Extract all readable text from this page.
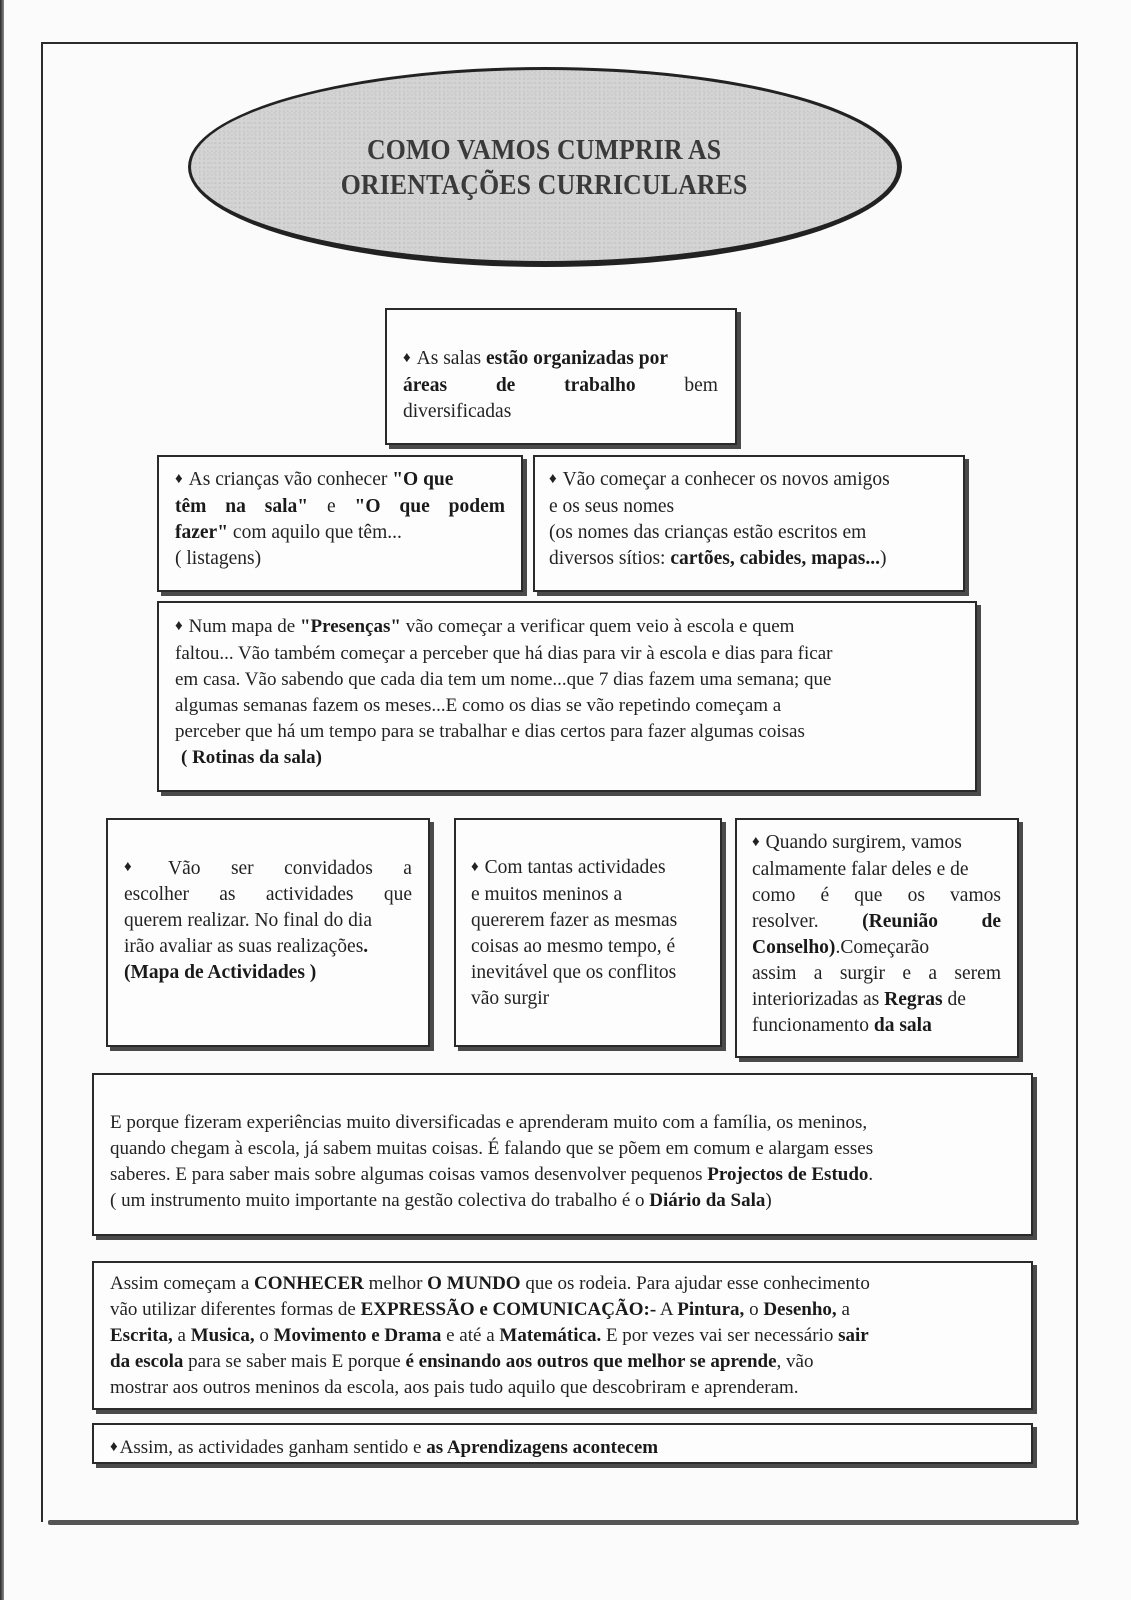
COMO VAMOS CUMPRIR AS
ORIENTAÇÕES CURRICULARES
♦ As salas estão organizadas por
áreas	de	trabalho	bem
diversificadas
♦ As crianças vão conhecer "O que
têm na sala" e "O que podem
fazer" com aquilo que têm...
( listagens)
♦ Vão começar a conhecer os novos amigos
e os seus nomes
(os nomes das crianças estão escritos em
diversos sítios: cartões, cabides, mapas...)
♦ Num mapa de "Presenças" vão começar a verificar quem veio à escola e quem
faltou... Vão também começar a perceber que há dias para vir à escola e dias para ficar
em casa. Vão sabendo que cada dia tem um nome...que 7 dias fazem uma semana; que
algumas semanas fazem os meses...E como os dias se vão repetindo começam a
perceber que há um tempo para se trabalhar e dias certos para fazer algumas coisas
( Rotinas da sala)
♦ Vão ser convidados a
escolher as actividades que
querem realizar. No final do dia
irão avaliar as suas realizações.
(Mapa de Actividades )
♦ Com tantas actividades
e muitos meninos a
quererem fazer as mesmas
coisas ao mesmo tempo, é
inevitável que os conflitos
vão surgir
♦ Quando surgirem, vamos
calmamente falar deles e de
como é que os vamos
resolver. (Reunião de
Conselho).Começarão
assim a surgir e a serem
interiorizadas as Regras de
funcionamento da sala
E porque fizeram experiências muito diversificadas e aprenderam muito com a família, os meninos,
quando chegam à escola, já sabem muitas coisas. É falando que se põem em comum e alargam esses
saberes. E para saber mais sobre algumas coisas vamos desenvolver pequenos Projectos de Estudo.
( um instrumento muito importante na gestão colectiva do trabalho é o Diário da Sala)
Assim começam a CONHECER melhor O MUNDO que os rodeia. Para ajudar esse conhecimento
vão utilizar diferentes formas de EXPRESSÃO e COMUNICAÇÃO:- A Pintura, o Desenho, a
Escrita, a Musica, o Movimento e Drama e até a Matemática. E por vezes vai ser necessário sair
da escola para se saber mais E porque é ensinando aos outros que melhor se aprende, vão
mostrar aos outros meninos da escola, aos pais tudo aquilo que descobriram e aprenderam.
♦ Assim, as actividades ganham sentido e as Aprendizagens acontecem
